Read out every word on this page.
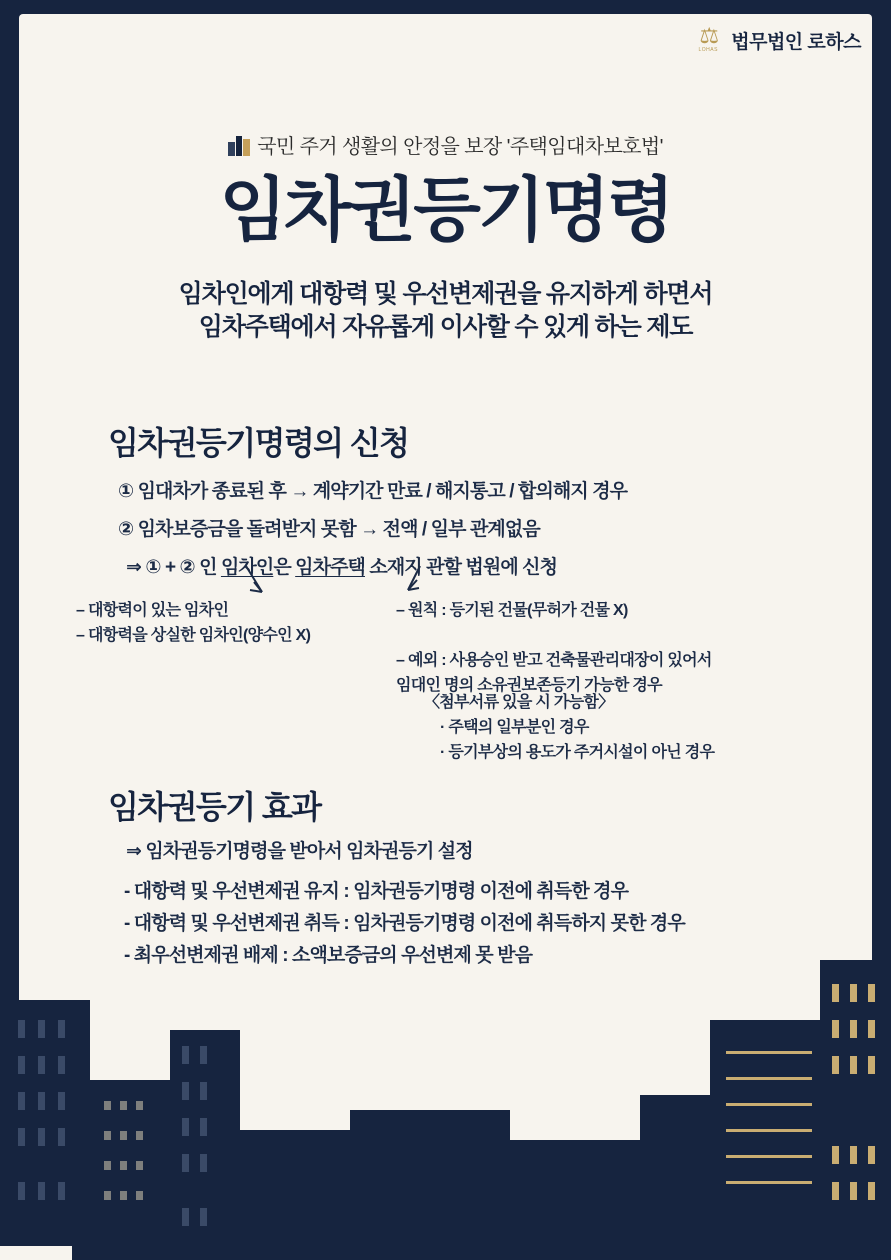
⚖
LOHAS 법무법인 로하스
국민 주거 생활의 안정을 보장 '주택임대차보호법'
임차권등기명령
임차인에게 대항력 및 우선변제권을 유지하게 하면서
임차주택에서 자유롭게 이사할 수 있게 하는 제도
임차권등기명령의 신청
① 임대차가 종료된 후 → 계약기간 만료 / 해지통고 / 합의해지 경우
② 임차보증금을 돌려받지 못함 → 전액 / 일부 관계없음
⇒ ① + ② 인 임차인은 임차주택 소재지 관할 법원에 신청
– 대항력이 있는 임차인
– 대항력을 상실한 임차인(양수인 X)
– 원칙 : 등기된 건물(무허가 건물 X)
– 예외 : 사용승인 받고 건축물관리대장이 있어서
임대인 명의 소유권보존등기 가능한 경우
〈첨부서류 있을 시 가능함〉
· 주택의 일부분인 경우
· 등기부상의 용도가 주거시설이 아닌 경우
임차권등기 효과
⇒ 임차권등기명령을 받아서 임차권등기 설정
- 대항력 및 우선변제권 유지 : 임차권등기명령 이전에 취득한 경우
- 대항력 및 우선변제권 취득 : 임차권등기명령 이전에 취득하지 못한 경우
- 최우선변제권 배제 : 소액보증금의 우선변제 못 받음
